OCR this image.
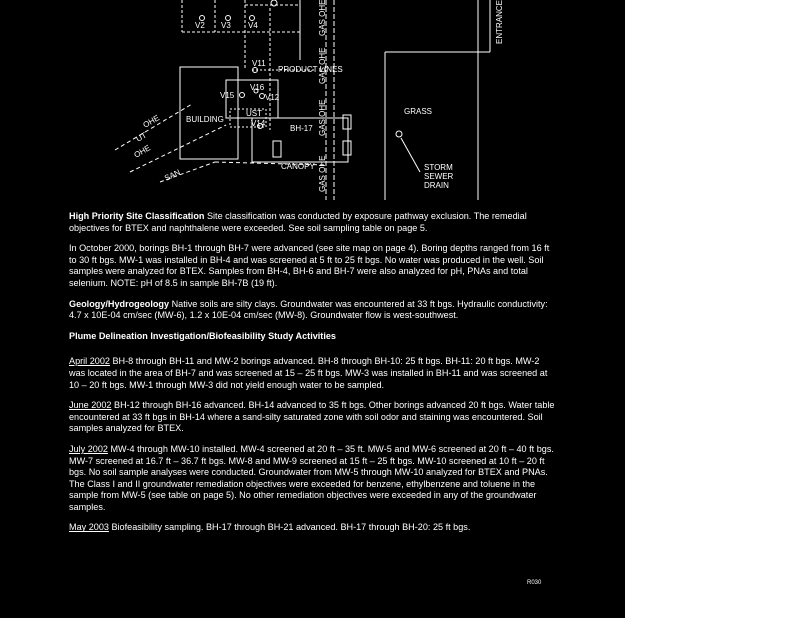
V2 V3 V4
V11
V15
V16
V12
V14
UST
PRODUCT LINES
BUILDING
OHE
UT
OHE
SAN
CANOPY
BH-17
GRASS
STORM
SEWER
DRAIN
ENTRANCE
GAS OHE
GAS OHE
GAS OHE
GAS OHE

High Priority Site Classification Site classification was conducted by exposure pathway exclusion. The remedial objectives for BTEX and naphthalene were exceeded. See soil sampling table on page 5.

In October 2000, borings BH-1 through BH-7 were advanced (see site map on page 4). Boring depths ranged from 16 ft to 30 ft bgs. MW-1 was installed in BH-4 and was screened at 5 ft to 25 ft bgs. No water was produced in the well. Soil samples were analyzed for BTEX. Samples from BH-4, BH-6 and BH-7 were also analyzed for pH, PNAs and total selenium. NOTE: pH of 8.5 in sample BH-7B (19 ft).

Geology/Hydrogeology Native soils are silty clays. Groundwater was encountered at 33 ft bgs. Hydraulic conductivity: 4.7 x 10E-04 cm/sec (MW-6), 1.2 x 10E-04 cm/sec (MW-8). Groundwater flow is west-southwest.

Plume Delineation Investigation/Biofeasibility Study Activities

April 2002 BH-8 through BH-11 and MW-2 borings advanced. BH-8 through BH-10: 25 ft bgs. BH-11: 20 ft bgs. MW-2 was located in the area of BH-7 and was screened at 15 – 25 ft bgs. MW-3 was installed in BH-11 and was screened at 10 – 20 ft bgs. MW-1 through MW-3 did not yield enough water to be sampled.

June 2002 BH-12 through BH-16 advanced. BH-14 advanced to 35 ft bgs. Other borings advanced 20 ft bgs. Water table encountered at 33 ft bgs in BH-14 where a sand-silty saturated zone with soil odor and staining was encountered. Soil samples analyzed for BTEX.

July 2002 MW-4 through MW-10 installed. MW-4 screened at 20 ft – 35 ft. MW-5 and MW-6 screened at 20 ft – 40 ft bgs. MW-7 screened at 16.7 ft – 36.7 ft bgs. MW-8 and MW-9 screened at 15 ft – 25 ft bgs. MW-10 screened at 10 ft – 20 ft bgs. No soil sample analyses were conducted. Groundwater from MW-5 through MW-10 analyzed for BTEX and PNAs. The Class I and II groundwater remediation objectives were exceeded for benzene, ethylbenzene and toluene in the sample from MW-5 (see table on page 5). No other remediation objectives were exceeded in any of the groundwater samples.

May 2003 Biofeasibility sampling. BH-17 through BH-21 advanced. BH-17 through BH-20: 25 ft bgs.

R030
